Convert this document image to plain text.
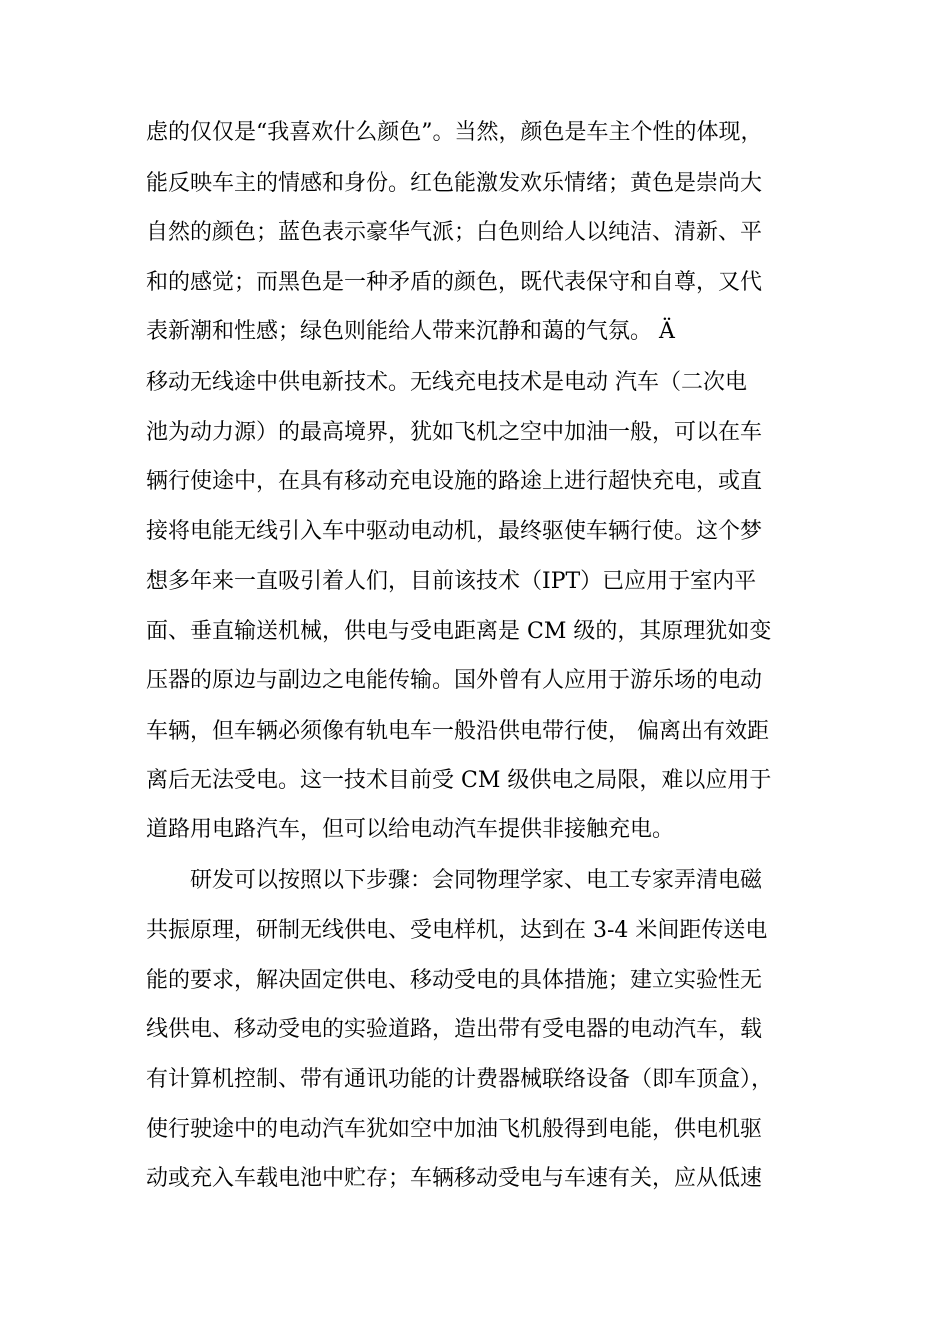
虑的仅仅是“我喜欢什么颜色”。当然，颜色是车主个性的体现，
能反映车主的情感和身份。红色能激发欢乐情绪；黄色是崇尚大
自然的颜色；蓝色表示豪华气派；白色则给人以纯洁、清新、平
和的感觉；而黑色是一种矛盾的颜色，既代表保守和自尊，又代
表新潮和性感；绿色则能给人带来沉静和蔼的气氛。 Ä
移动无线途中供电新技术。无线充电技术是电动 汽车（二次电
池为动力源）的最高境界，犹如飞机之空中加油一般，可以在车
辆行使途中，在具有移动充电设施的路途上进行超快充电，或直
接将电能无线引入车中驱动电动机，最终驱使车辆行使。这个梦
想多年来一直吸引着人们，目前该技术（IPT）已应用于室内平
面、垂直输送机械，供电与受电距离是 CM 级的，其原理犹如变
压器的原边与副边之电能传输。国外曾有人应用于游乐场的电动
车辆，但车辆必须像有轨电车一般沿供电带行使， 偏离出有效距
离后无法受电。这一技术目前受 CM 级供电之局限，难以应用于
道路用电路汽车，但可以给电动汽车提供非接触充电。
研发可以按照以下步骤：会同物理学家、电工专家弄清电磁
共振原理，研制无线供电、受电样机，达到在 3-4 米间距传送电
能的要求，解决固定供电、移动受电的具体措施；建立实验性无
线供电、移动受电的实验道路，造出带有受电器的电动汽车，载
有计算机控制、带有通讯功能的计费器械联络设备（即车顶盒），
使行驶途中的电动汽车犹如空中加油飞机般得到电能，供电机驱
动或充入车载电池中贮存；车辆移动受电与车速有关，应从低速
